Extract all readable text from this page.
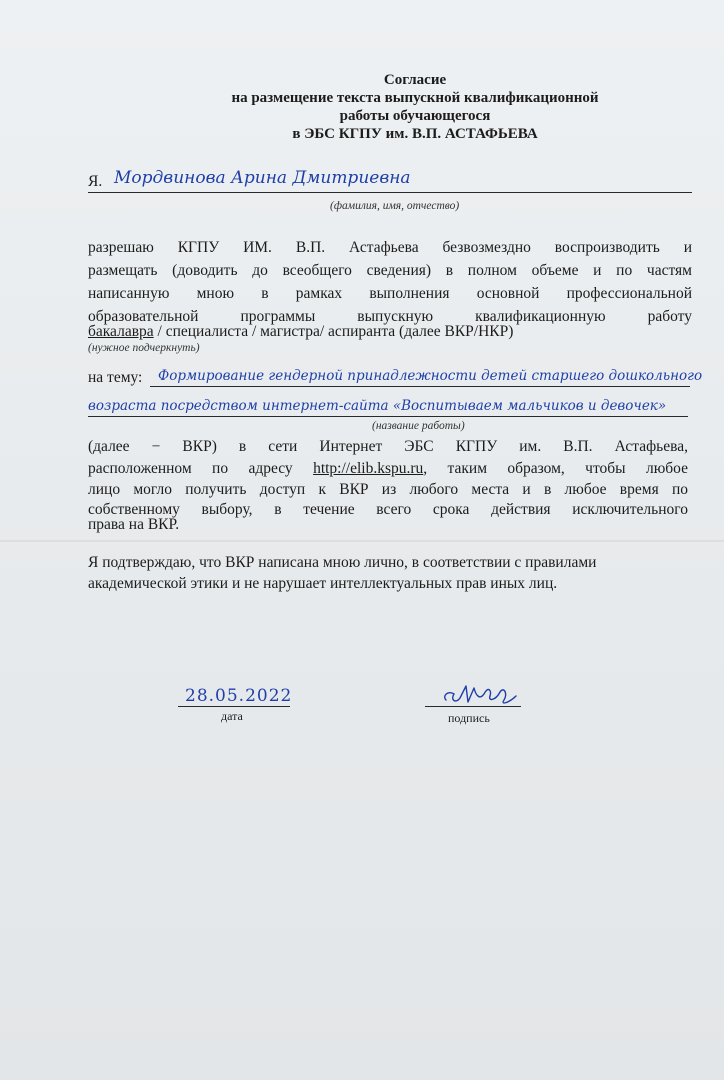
Согласие
на размещение текста выпускной квалификационной
работы обучающегося
в ЭБС КГПУ им. В.П. АСТАФЬЕВА
Я. Мордвинова Арина Дмитриевна
(фамилия, имя, отчество)
разрешаю КГПУ ИМ. В.П. Астафьева безвозмездно воспроизводить и
размещать (доводить до всеобщего сведения) в полном объеме и по частям
написанную мною в рамках выполнения основной профессиональной
образовательной программы выпускную квалификационную работу
бакалавра / специалиста / магистра/ аспиранта (далее ВКР/НКР)
(нужное подчеркнуть)
на тему: Формирование гендерной принадлежности детей старшего дошкольного
возраста посредством интернет-сайта «Воспитываем мальчиков и девочек»
(название работы)
(далее − ВКР) в сети Интернет ЭБС КГПУ им. В.П. Астафьева,
расположенном по адресу http://elib.kspu.ru, таким образом, чтобы любое
лицо могло получить доступ к ВКР из любого места и в любое время по
собственному выбору, в течение всего срока действия исключительного
права на ВКР.
Я подтверждаю, что ВКР написана мною лично, в соответствии с правилами
академической этики и не нарушает интеллектуальных прав иных лиц.
28.05.2022
дата	подпись
